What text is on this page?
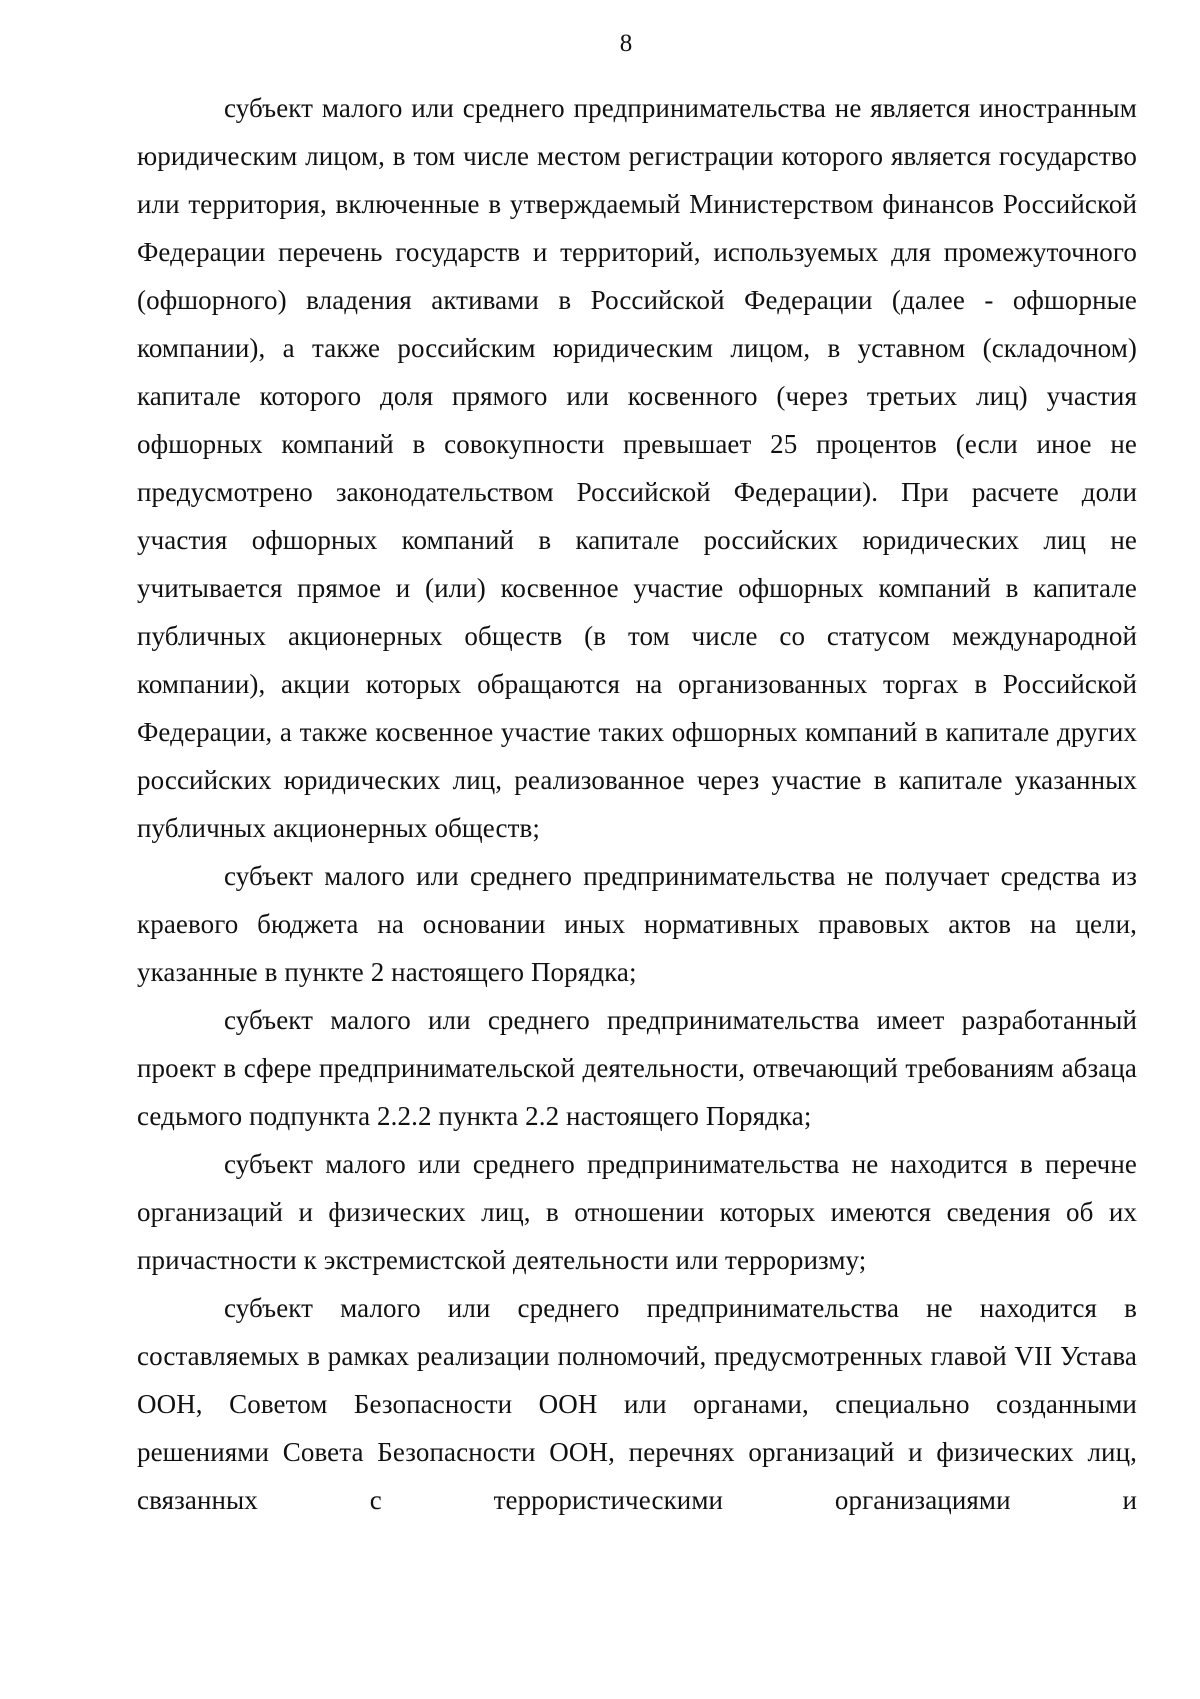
8

субъект малого или среднего предпринимательства не является иностранным юридическим лицом, в том числе местом регистрации которого является государство или территория, включенные в утверждаемый Министерством финансов Российской Федерации перечень государств и территорий, используемых для промежуточного (офшорного) владения активами в Российской Федерации (далее - офшорные компании), а также российским юридическим лицом, в уставном (складочном) капитале которого доля прямого или косвенного (через третьих лиц) участия офшорных компаний в совокупности превышает 25 процентов (если иное не предусмотрено законодательством Российской Федерации). При расчете доли участия офшорных компаний в капитале российских юридических лиц не учитывается прямое и (или) косвенное участие офшорных компаний в капитале публичных акционерных обществ (в том числе со статусом международной компании), акции которых обращаются на организованных торгах в Российской Федерации, а также косвенное участие таких офшорных компаний в капитале других российских юридических лиц, реализованное через участие в капитале указанных публичных акционерных обществ;

субъект малого или среднего предпринимательства не получает средства из краевого бюджета на основании иных нормативных правовых актов на цели, указанные в пункте 2 настоящего Порядка;

субъект малого или среднего предпринимательства имеет разработанный проект в сфере предпринимательской деятельности, отвечающий требованиям абзаца седьмого подпункта 2.2.2 пункта 2.2 настоящего Порядка;

субъект малого или среднего предпринимательства не находится в перечне организаций и физических лиц, в отношении которых имеются сведения об их причастности к экстремистской деятельности или терроризму;

субъект малого или среднего предпринимательства не находится в составляемых в рамках реализации полномочий, предусмотренных главой VII Устава ООН, Советом Безопасности ООН или органами, специально созданными решениями Совета Безопасности ООН, перечнях организаций и физических лиц, связанных с террористическими организациями и
